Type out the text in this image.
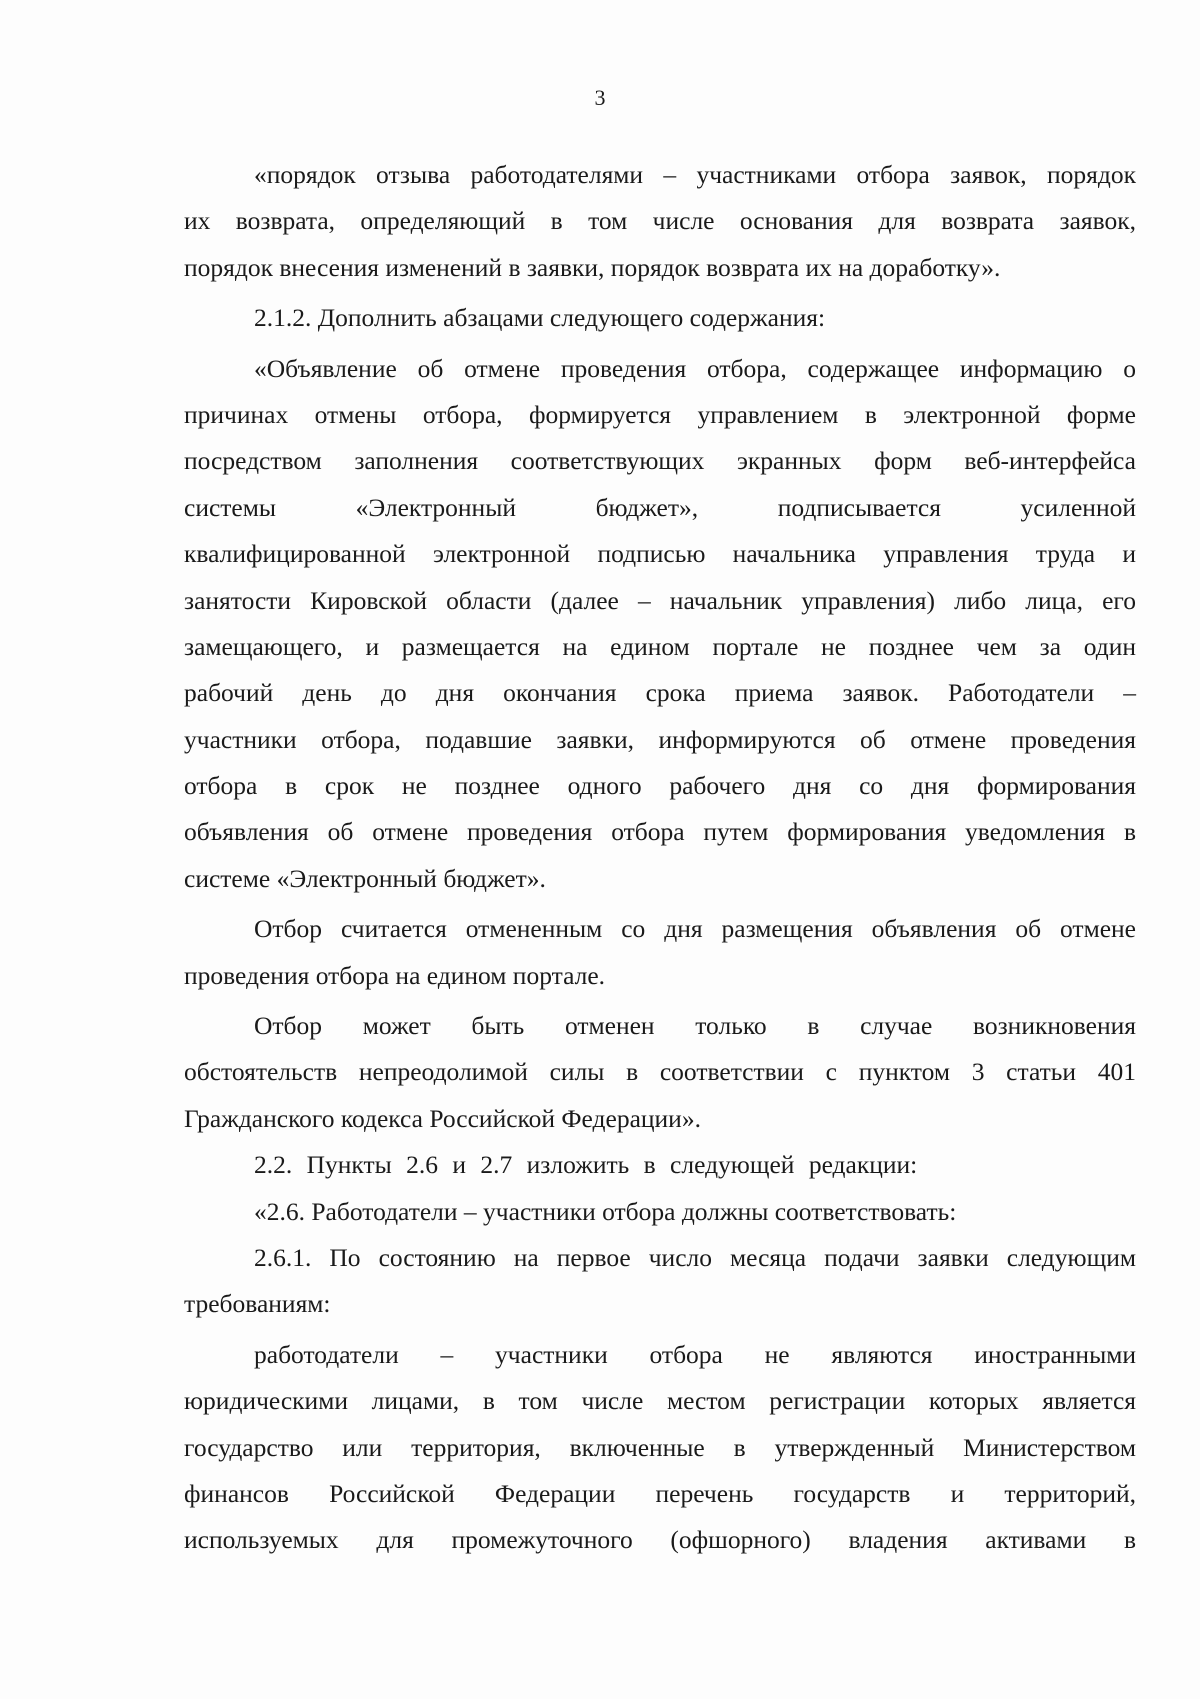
3
«порядок отзыва работодателями – участниками отбора заявок, порядок
их возврата, определяющий в том числе основания для возврата заявок,
порядок внесения изменений в заявки, порядок возврата их на доработку».
2.1.2. Дополнить абзацами следующего содержания:
«Объявление об отмене проведения отбора, содержащее информацию о
причинах отмены отбора, формируется управлением в электронной форме
посредством заполнения соответствующих экранных форм веб-интерфейса
системы «Электронный бюджет», подписывается усиленной
квалифицированной электронной подписью начальника управления труда и
занятости Кировской области (далее – начальник управления) либо лица, его
замещающего, и размещается на едином портале не позднее чем за один
рабочий день до дня окончания срока приема заявок. Работодатели –
участники отбора, подавшие заявки, информируются об отмене проведения
отбора в срок не позднее одного рабочего дня со дня формирования
объявления об отмене проведения отбора путем формирования уведомления в
системе «Электронный бюджет».
Отбор считается отмененным со дня размещения объявления об отмене
проведения отбора на едином портале.
Отбор может быть отменен только в случае возникновения
обстоятельств непреодолимой силы в соответствии с пунктом 3 статьи 401
Гражданского кодекса Российской Федерации».
2.2. Пункты 2.6 и 2.7 изложить в следующей редакции:
«2.6. Работодатели – участники отбора должны соответствовать:
2.6.1. По состоянию на первое число месяца подачи заявки следующим
требованиям:
работодатели – участники отбора не являются иностранными
юридическими лицами, в том числе местом регистрации которых является
государство или территория, включенные в утвержденный Министерством
финансов Российской Федерации перечень государств и территорий,
используемых для промежуточного (офшорного) владения активами в
